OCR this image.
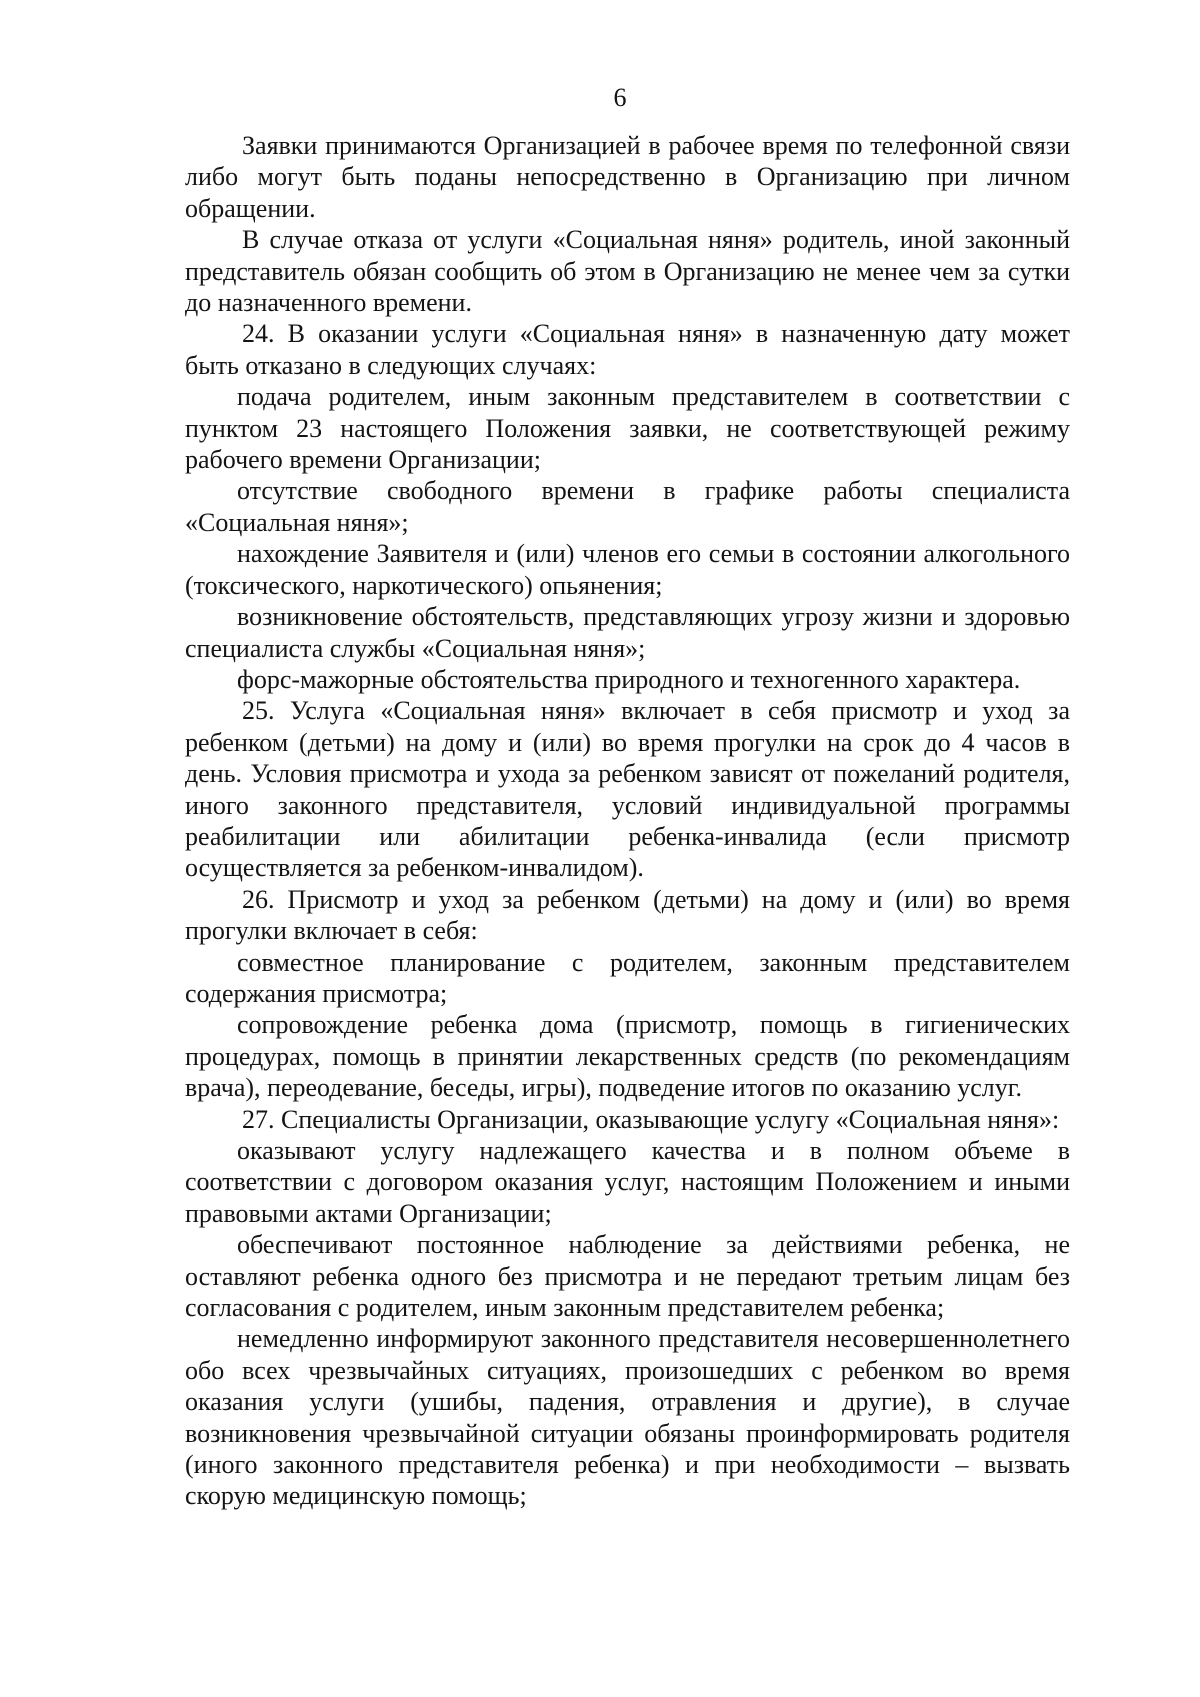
6

Заявки принимаются Организацией в рабочее время по телефонной связи либо могут быть поданы непосредственно в Организацию при личном обращении.

В случае отказа от услуги «Социальная няня» родитель, иной законный представитель обязан сообщить об этом в Организацию не менее чем за сутки до назначенного времени.

24. В оказании услуги «Социальная няня» в назначенную дату может быть отказано в следующих случаях:

подача родителем, иным законным представителем в соответствии с пунктом 23 настоящего Положения заявки, не соответствующей режиму рабочего времени Организации;

отсутствие свободного времени в графике работы специалиста «Социальная няня»;

нахождение Заявителя и (или) членов его семьи в состоянии алкогольного (токсического, наркотического) опьянения;

возникновение обстоятельств, представляющих угрозу жизни и здоровью специалиста службы «Социальная няня»;

форс-мажорные обстоятельства природного и техногенного характера.

25. Услуга «Социальная няня» включает в себя присмотр и уход за ребенком (детьми) на дому и (или) во время прогулки на срок до 4 часов в день. Условия присмотра и ухода за ребенком зависят от пожеланий родителя, иного законного представителя, условий индивидуальной программы реабилитации или абилитации ребенка-инвалида (если присмотр осуществляется за ребенком-инвалидом).

26. Присмотр и уход за ребенком (детьми) на дому и (или) во время прогулки включает в себя:

совместное планирование с родителем, законным представителем содержания присмотра;

сопровождение ребенка дома (присмотр, помощь в гигиенических процедурах, помощь в принятии лекарственных средств (по рекомендациям врача), переодевание, беседы, игры), подведение итогов по оказанию услуг.

27. Специалисты Организации, оказывающие услугу «Социальная няня»:

оказывают услугу надлежащего качества и в полном объеме в соответствии с договором оказания услуг, настоящим Положением и иными правовыми актами Организации;

обеспечивают постоянное наблюдение за действиями ребенка, не оставляют ребенка одного без присмотра и не передают третьим лицам без согласования с родителем, иным законным представителем ребенка;

немедленно информируют законного представителя несовершеннолетнего обо всех чрезвычайных ситуациях, произошедших с ребенком во время оказания услуги (ушибы, падения, отравления и другие), в случае возникновения чрезвычайной ситуации обязаны проинформировать родителя (иного законного представителя ребенка) и при необходимости – вызвать скорую медицинскую помощь;
